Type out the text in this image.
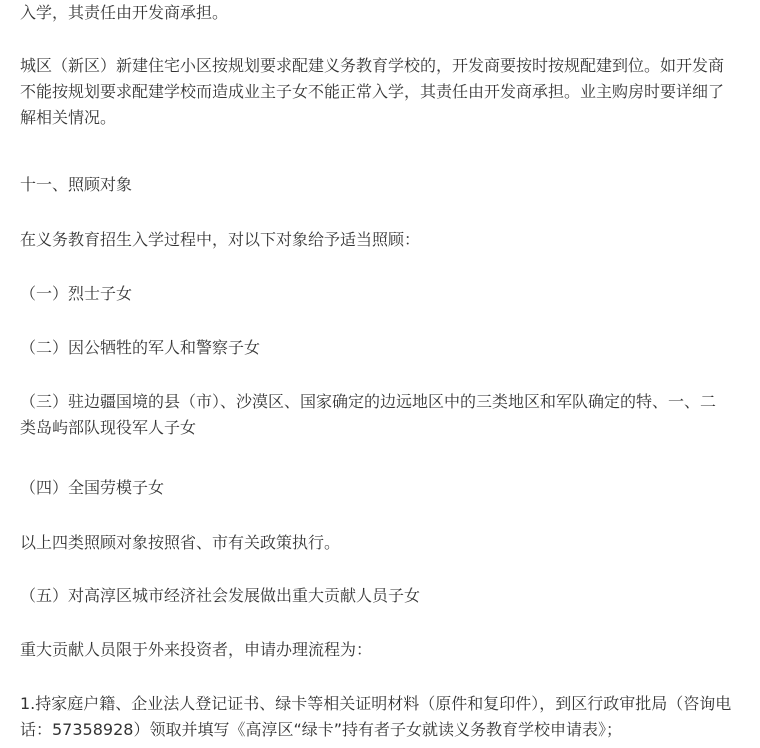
入学，其责任由开发商承担。

城区（新区）新建住宅小区按规划要求配建义务教育学校的，开发商要按时按规配建到位。如开发商
不能按规划要求配建学校而造成业主子女不能正常入学，其责任由开发商承担。业主购房时要详细了
解相关情况。

十一、照顾对象

在义务教育招生入学过程中，对以下对象给予适当照顾：

（一）烈士子女

（二）因公牺牲的军人和警察子女

（三）驻边疆国境的县（市）、沙漠区、国家确定的边远地区中的三类地区和军队确定的特、一、二
类岛屿部队现役军人子女

（四）全国劳模子女

以上四类照顾对象按照省、市有关政策执行。

（五）对高淳区城市经济社会发展做出重大贡献人员子女

重大贡献人员限于外来投资者，申请办理流程为：

1.持家庭户籍、企业法人登记证书、绿卡等相关证明材料（原件和复印件），到区行政审批局（咨询电
话：57358928）领取并填写《高淳区“绿卡”持有者子女就读义务教育学校申请表》；
